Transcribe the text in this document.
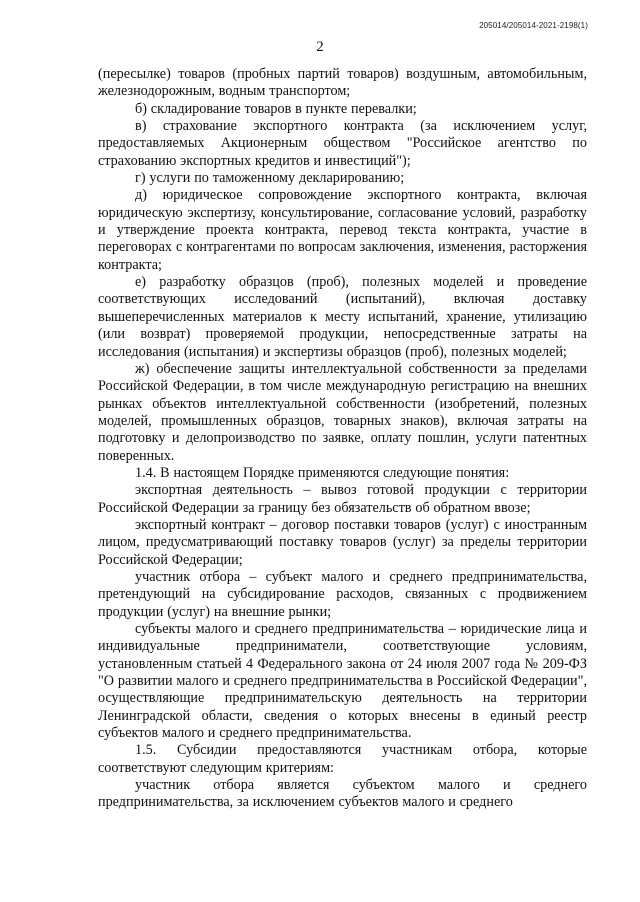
205014/205014-2021-2198(1)
2

(пересылке) товаров (пробных партий товаров) воздушным, автомобильным, железнодорожным, водным транспортом;

б) складирование товаров в пункте перевалки;

в) страхование экспортного контракта (за исключением услуг, предоставляемых Акционерным обществом "Российское агентство по страхованию экспортных кредитов и инвестиций");

г) услуги по таможенному декларированию;

д) юридическое сопровождение экспортного контракта, включая юридическую экспертизу, консультирование, согласование условий, разработку и утверждение проекта контракта, перевод текста контракта, участие в переговорах с контрагентами по вопросам заключения, изменения, расторжения контракта;

е) разработку образцов (проб), полезных моделей и проведение соответствующих исследований (испытаний), включая доставку вышеперечисленных материалов к месту испытаний, хранение, утилизацию (или возврат) проверяемой продукции, непосредственные затраты на исследования (испытания) и экспертизы образцов (проб), полезных моделей;

ж) обеспечение защиты интеллектуальной собственности за пределами Российской Федерации, в том числе международную регистрацию на внешних рынках объектов интеллектуальной собственности (изобретений, полезных моделей, промышленных образцов, товарных знаков), включая затраты на подготовку и делопроизводство по заявке, оплату пошлин, услуги патентных поверенных.

1.4. В настоящем Порядке применяются следующие понятия:

экспортная деятельность – вывоз готовой продукции с территории Российской Федерации за границу без обязательств об обратном ввозе;

экспортный контракт – договор поставки товаров (услуг) с иностранным лицом, предусматривающий поставку товаров (услуг) за пределы территории Российской Федерации;

участник отбора – субъект малого и среднего предпринимательства, претендующий на субсидирование расходов, связанных с продвижением продукции (услуг) на внешние рынки;

субъекты малого и среднего предпринимательства – юридические лица и индивидуальные предприниматели, соответствующие условиям, установленным статьей 4 Федерального закона от 24 июля 2007 года № 209-ФЗ "О развитии малого и среднего предпринимательства в Российской Федерации", осуществляющие предпринимательскую деятельность на территории Ленинградской области, сведения о которых внесены в единый реестр субъектов малого и среднего предпринимательства.

1.5. Субсидии предоставляются участникам отбора, которые соответствуют следующим критериям:

участник отбора является субъектом малого и среднего предпринимательства, за исключением субъектов малого и среднего
